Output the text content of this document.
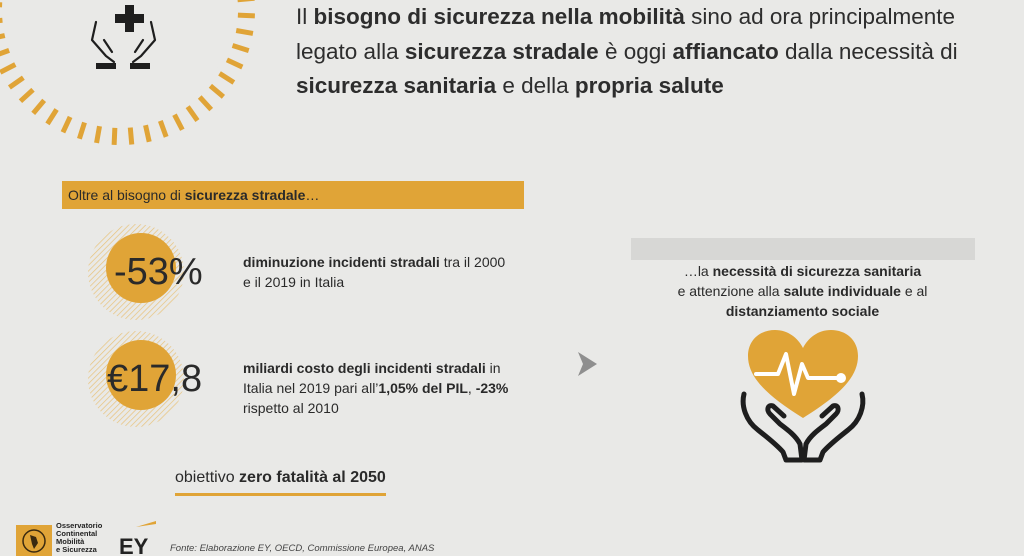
Il bisogno di sicurezza nella mobilità sino ad ora principalmente legato alla sicurezza stradale è oggi affiancato dalla necessità di sicurezza sanitaria e della propria salute
Oltre al bisogno di sicurezza stradale…
-53%	diminuzione incidenti stradali tra il 2000 e il 2019 in Italia
€17,8	miliardi costo degli incidenti stradali in Italia nel 2019 pari all’1,05% del PIL, -23% rispetto al 2010
…la necessità di sicurezza sanitaria
e attenzione alla salute individuale e al
distanziamento sociale
obiettivo zero fatalità al 2050
Osservatorio
Continental
Mobilità
e Sicurezza EY Fonte: Elaborazione EY, OECD, Commissione Europea, ANAS
